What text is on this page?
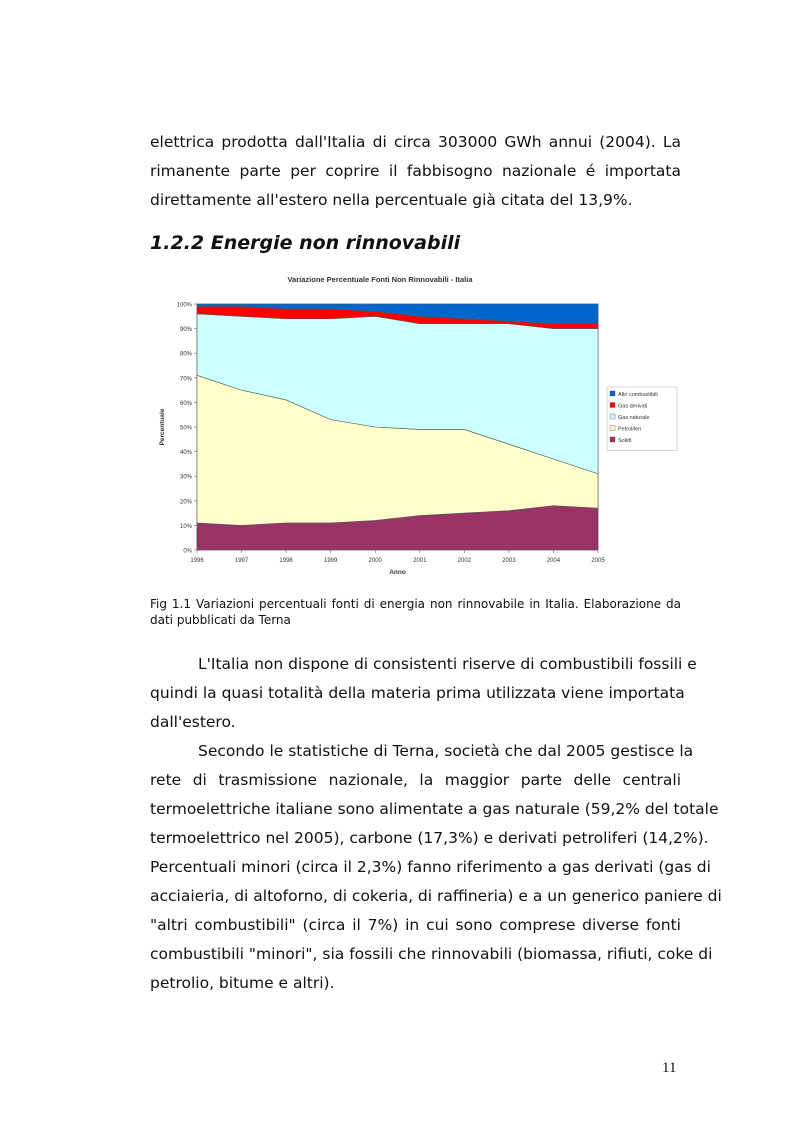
elettrica prodotta dall'Italia di circa 303000 GWh annui (2004). La
rimanente parte per coprire il fabbisogno nazionale é importata
direttamente all'estero nella percentuale già citata del 13,9%.
1.2.2 Energie non rinnovabili
Variazione Percentuale Fonti Non Rinnovabili - Italia
0%
10%
20%
30%
40%
50%
60%
70%
80%
90%
100%
1996	1997	1998	1999	2000	2001	2002	2003	2004	2005
Anno
Percentuale
Altri combustibili
Gas derivati
Gas naturale
Petroliferi
Solidi

Fig 1.1 Variazioni percentuali fonti di energia non rinnovabile in Italia. Elaborazione da dati pubblicati da Terna

L'Italia non dispone di consistenti riserve di combustibili fossili e
quindi la quasi totalità della materia prima utilizzata viene importata
dall'estero.
Secondo le statistiche di Terna, società che dal 2005 gestisce la
rete di trasmissione nazionale, la maggior parte delle centrali
termoelettriche italiane sono alimentate a gas naturale (59,2% del totale
termoelettrico nel 2005), carbone (17,3%) e derivati petroliferi (14,2%).
Percentuali minori (circa il 2,3%) fanno riferimento a gas derivati (gas di
acciaieria, di altoforno, di cokeria, di raffineria) e a un generico paniere di
"altri combustibili" (circa il 7%) in cui sono comprese diverse fonti
combustibili "minori", sia fossili che rinnovabili (biomassa, rifiuti, coke di
petrolio, bitume e altri).
11
